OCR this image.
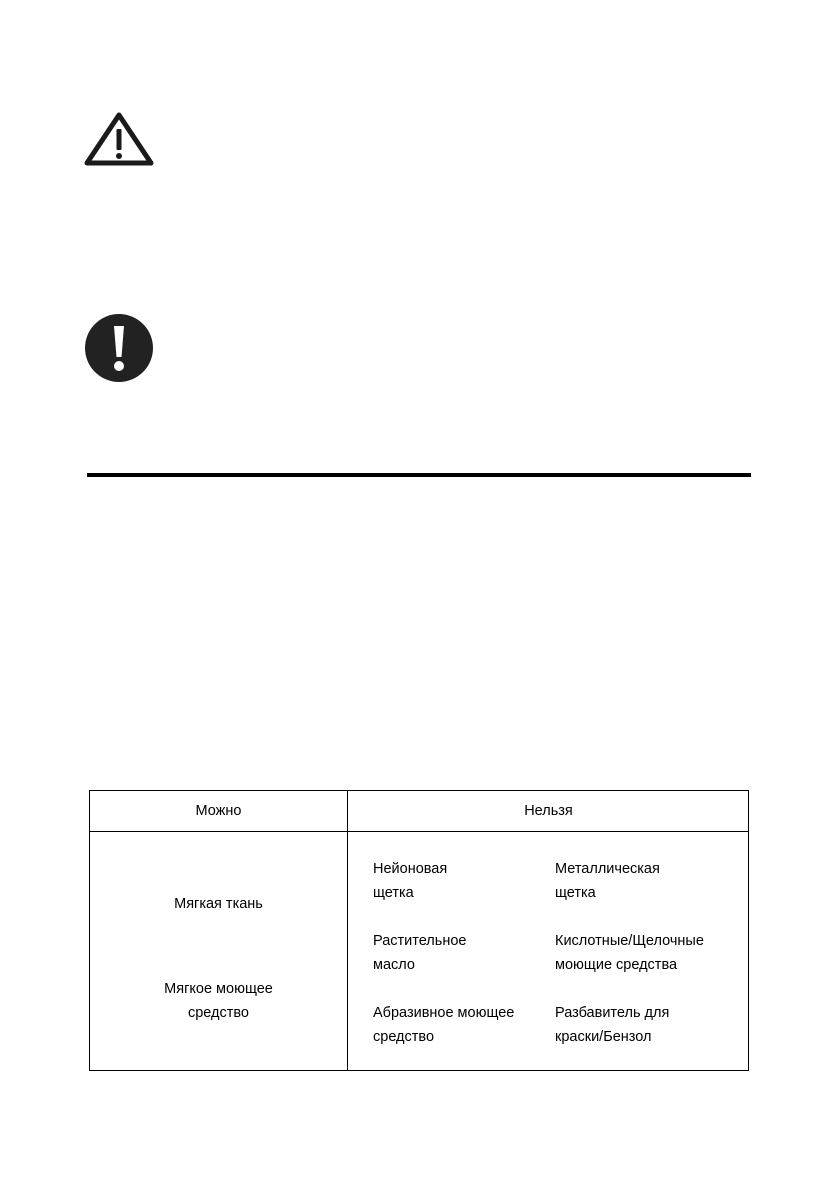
Можно	Нельзя
Мягкая ткань
Мягкое моющее
средство
Нейоновая
щетка
Металлическая
щетка
Растительное
масло
Кислотные/Щелочные
моющие средства
Абразивное моющее
средство
Разбавитель для
краски/Бензол
